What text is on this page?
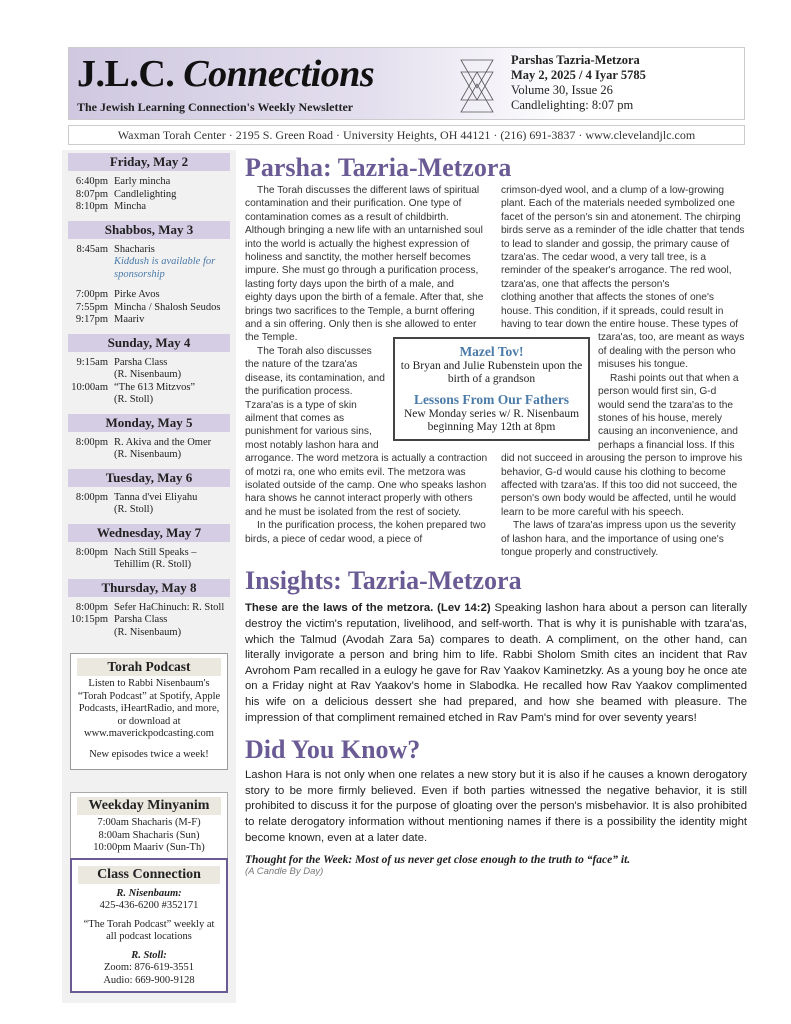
J.L.C. Connections
The Jewish Learning Connection's Weekly Newsletter
Parshas Tazria-Metzora
May 2, 2025 / 4 Iyar 5785
Volume 30, Issue 26
Candlelighting: 8:07 pm
Waxman Torah Center · 2195 S. Green Road · University Heights, OH 44121 · (216) 691-3837 · www.clevelandjlc.com
Friday, May 2
6:40pm Early mincha
8:07pm Candlelighting
8:10pm Mincha
Shabbos, May 3
8:45am Shacharis
Kiddush is available for sponsorship
7:00pm Pirke Avos
7:55pm Mincha / Shalosh Seudos
9:17pm Maariv
Sunday, May 4
9:15am Parsha Class
(R. Nisenbaum)
10:00am “The 613 Mitzvos”
(R. Stoll)
Monday, May 5
8:00pm R. Akiva and the Omer
(R. Nisenbaum)
Tuesday, May 6
8:00pm Tanna d'vei Eliyahu
(R. Stoll)
Wednesday, May 7
8:00pm Nach Still Speaks –
Tehillim (R. Stoll)
Thursday, May 8
8:00pm Sefer HaChinuch: R. Stoll
10:15pm Parsha Class
(R. Nisenbaum)
Torah Podcast
Listen to Rabbi Nisenbaum's “Torah Podcast” at Spotify, Apple Podcasts, iHeartRadio, and more, or download at www.maverickpodcasting.com
New episodes twice a week!
Weekday Minyanim
7:00am Shacharis (M-F)
8:00am Shacharis (Sun)
10:00pm Maariv (Sun-Th)
Class Connection
R. Nisenbaum:
425-436-6200 #352171
“The Torah Podcast” weekly at all podcast locations
R. Stoll:
Zoom: 876-619-3551
Audio: 669-900-9128
Parsha: Tazria-Metzora

The Torah discusses the different laws of spiritual contamination and their purification. One type of contamination comes as a result of childbirth. Although bringing a new life with an untarnished soul into the world is actually the highest expression of holiness and sanctity, the mother herself becomes impure. She must go through a purification process, lasting forty days upon the birth of a male, and

eighty days upon the birth of a female. After that, she brings two sacrifices to the Temple, a burnt offering and a sin offering. Only then is she allowed to enter the Temple.

The Torah also discusses the nature of the tzara'as

disease, its contamination, and the purification process. Tzara'as is a type of skin ailment that comes as punishment for various sins, most notably lashon hara and arrogance. The word metzora is actually a contraction of motzi ra, one who emits evil. The metzora was isolated outside of the camp. One who speaks lashon hara shows he cannot interact properly with others and he must be isolated from the rest of society.

In the purification process, the kohen prepared two birds, a piece of cedar wood, a piece of

crimson-dyed wool, and a clump of a low-growing plant. Each of the materials needed symbolized one facet of the person's sin and atonement. The chirping birds serve as a reminder of the idle chatter that tends to lead to slander and gossip, the primary cause of tzara'as. The cedar wood, a very tall tree, is a reminder of the speaker's arrogance. The red wool, tzara'as, one that affects the person's

clothing another that affects the stones of one's house. This condition, if it spreads, could result in having to tear down the entire house. These types of tzara'as, too, are meant as ways of dealing with the person who misuses his tongue.

Rashi points out that when a person would first sin, G-d

would send the tzara'as to the stones of his house, merely causing an inconvenience, and perhaps a financial loss. If this did not succeed in arousing the person to improve his behavior, G-d would cause his clothing to become affected with tzara'as. If this too did not succeed, the person's own body would be affected, until he would learn to be more careful with his speech.

The laws of tzara'as impress upon us the severity of lashon hara, and the importance of using one's tongue properly and constructively.

Mazel Tov!
to Bryan and Julie Rubenstein upon the birth of a grandson
Lessons From Our Fathers
New Monday series w/ R. Nisenbaum beginning May 12th at 8pm
Insights: Tazria-Metzora
These are the laws of the metzora. (Lev 14:2) Speaking lashon hara about a person can literally destroy the victim's reputation, livelihood, and self-worth. That is why it is punishable with tzara'as, which the Talmud (Avodah Zara 5a) compares to death. A compliment, on the other hand, can literally invigorate a person and bring him to life. Rabbi Sholom Smith cites an incident that Rav Avrohom Pam recalled in a eulogy he gave for Rav Yaakov Kaminetzky. As a young boy he once ate on a Friday night at Rav Yaakov's home in Slabodka. He recalled how Rav Yaakov complimented his wife on a delicious dessert she had prepared, and how she beamed with pleasure. The impression of that compliment remained etched in Rav Pam's mind for over seventy years!
Did You Know?
Lashon Hara is not only when one relates a new story but it is also if he causes a known derogatory story to be more firmly believed. Even if both parties witnessed the negative behavior, it is still prohibited to discuss it for the purpose of gloating over the person's misbehavior. It is also prohibited to relate derogatory information without mentioning names if there is a possibility the identity might become known, even at a later date.
Thought for the Week: Most of us never get close enough to the truth to “face” it.
(A Candle By Day)
